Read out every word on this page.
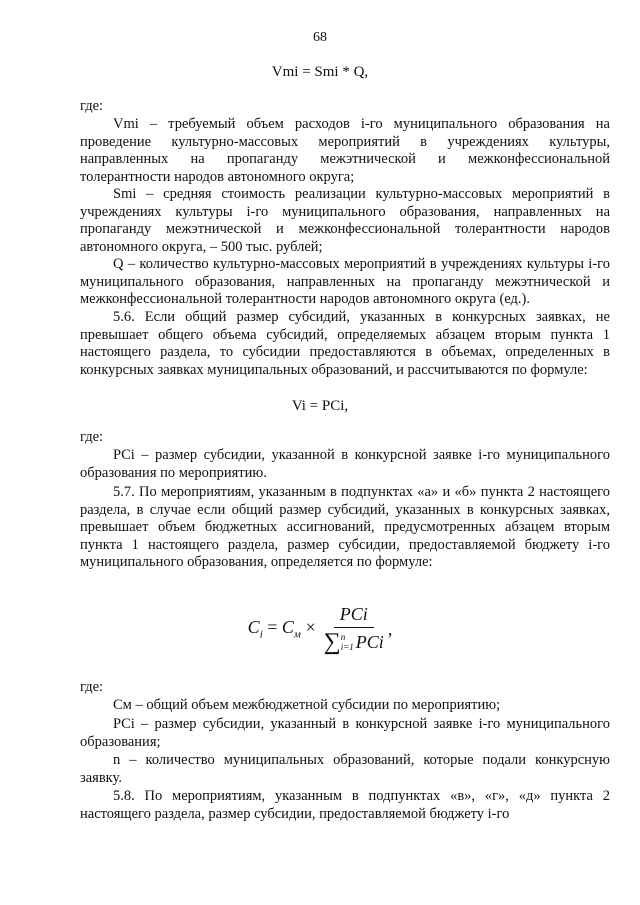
68
Vmi = Smi * Q,
где:
Vmi – требуемый объем расходов i-го муниципального образования на проведение культурно-массовых мероприятий в учреждениях культуры, направленных на пропаганду межэтнической и межконфессиональной толерантности народов автономного округа;
Smi – средняя стоимость реализации культурно-массовых мероприятий в учреждениях культуры i-го муниципального образования, направленных на пропаганду межэтнической и межконфессиональной толерантности народов автономного округа, – 500 тыс. рублей;
Q – количество культурно-массовых мероприятий в учреждениях культуры i-го муниципального образования, направленных на пропаганду межэтнической и межконфессиональной толерантности народов автономного округа (ед.).
5.6. Если общий размер субсидий, указанных в конкурсных заявках, не превышает общего объема субсидий, определяемых абзацем вторым пункта 1 настоящего раздела, то субсидии предоставляются в объемах, определенных в конкурсных заявках муниципальных образований, и рассчитываются по формуле:
Vi = PCi,
где:
PCi – размер субсидии, указанной в конкурсной заявке i-го муниципального образования по мероприятию.
5.7. По мероприятиям, указанным в подпунктах «а» и «б» пункта 2 настоящего раздела, в случае если общий размер субсидий, указанных в конкурсных заявках, превышает объем бюджетных ассигнований, предусмотренных абзацем вторым пункта 1 настоящего раздела, размер субсидии, предоставляемой бюджету i-го муниципального образования, определяется по формуле:
$C_i = C_м$ × PCi
∑ n
i=1 PCi ,
где:
Cм – общий объем межбюджетной субсидии по мероприятию;
PCi – размер субсидии, указанный в конкурсной заявке i-го муниципального образования;
n – количество муниципальных образований, которые подали конкурсную заявку.
5.8. По мероприятиям, указанным в подпунктах «в», «г», «д» пункта 2 настоящего раздела, размер субсидии, предоставляемой бюджету i-го
